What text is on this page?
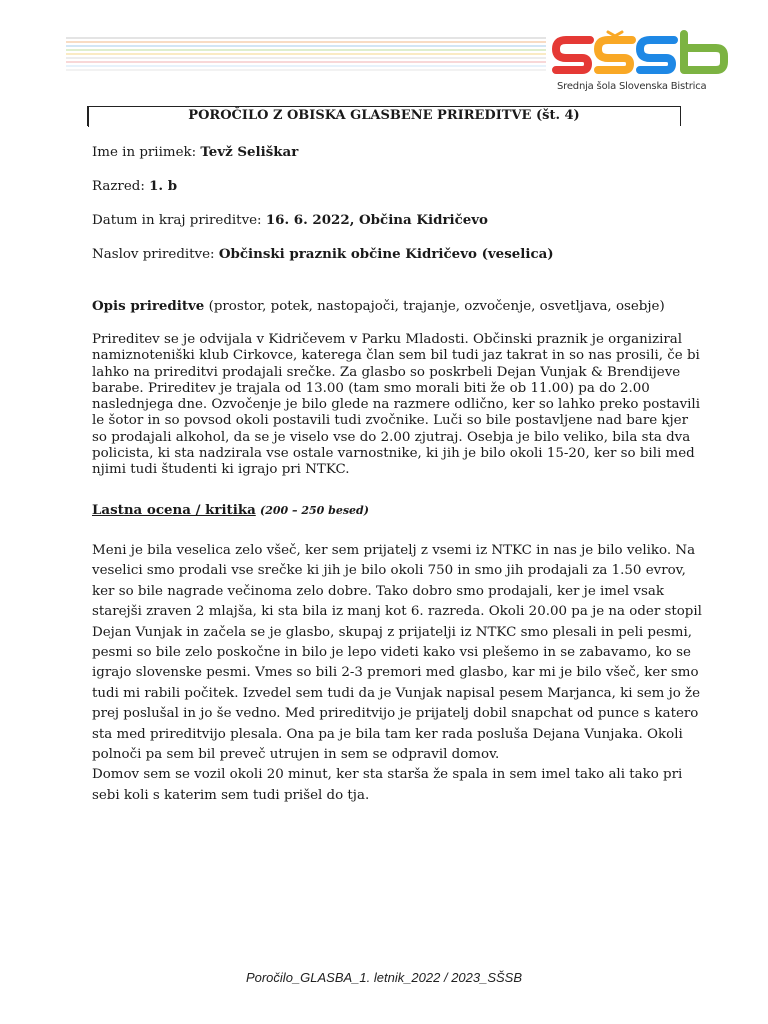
Srednja šola Slovenska Bistrica
POROČILO Z OBISKA GLASBENE PRIREDITVE (št. 4)
Ime in priimek: Tevž Seliškar
Razred: 1. b
Datum in kraj prireditve: 16. 6. 2022, Občina Kidričevo
Naslov prireditve: Občinski praznik občine Kidričevo (veselica)
Opis prireditve (prostor, potek, nastopajoči, trajanje, ozvočenje, osvetljava, osebje)
Prireditev se je odvijala v Kidričevem v Parku Mladosti. Občinski praznik je organiziral
namiznoteniški klub Cirkovce, katerega član sem bil tudi jaz takrat in so nas prosili, če bi
lahko na prireditvi prodajali srečke. Za glasbo so poskrbeli Dejan Vunjak & Brendijeve
barabe. Prireditev je trajala od 13.00 (tam smo morali biti že ob 11.00) pa do 2.00
naslednjega dne. Ozvočenje je bilo glede na razmere odlično, ker so lahko preko postavili
le šotor in so povsod okoli postavili tudi zvočnike. Luči so bile postavljene nad bare kjer
so prodajali alkohol, da se je viselo vse do 2.00 zjutraj. Osebja je bilo veliko, bila sta dva
policista, ki sta nadzirala vse ostale varnostnike, ki jih je bilo okoli 15-20, ker so bili med
njimi tudi študenti ki igrajo pri NTKC.
Lastna ocena / kritika (200 – 250 besed)
Meni je bila veselica zelo všeč, ker sem prijatelj z vsemi iz NTKC in nas je bilo veliko. Na
veselici smo prodali vse srečke ki jih je bilo okoli 750 in smo jih prodajali za 1.50 evrov,
ker so bile nagrade večinoma zelo dobre. Tako dobro smo prodajali, ker je imel vsak
starejši zraven 2 mlajša, ki sta bila iz manj kot 6. razreda. Okoli 20.00 pa je na oder stopil
Dejan Vunjak in začela se je glasbo, skupaj z prijatelji iz NTKC smo plesali in peli pesmi,
pesmi so bile zelo poskočne in bilo je lepo videti kako vsi plešemo in se zabavamo, ko se
igrajo slovenske pesmi. Vmes so bili 2-3 premori med glasbo, kar mi je bilo všeč, ker smo
tudi mi rabili počitek. Izvedel sem tudi da je Vunjak napisal pesem Marjanca, ki sem jo že
prej poslušal in jo še vedno. Med prireditvijo je prijatelj dobil snapchat od punce s katero
sta med prireditvijo plesala. Ona pa je bila tam ker rada posluša Dejana Vunjaka. Okoli
polnoči pa sem bil preveč utrujen in sem se odpravil domov.
Domov sem se vozil okoli 20 minut, ker sta starša že spala in sem imel tako ali tako pri
sebi koli s katerim sem tudi prišel do tja.
Poročilo_GLASBA_1. letnik_2022 / 2023_SŠSB
